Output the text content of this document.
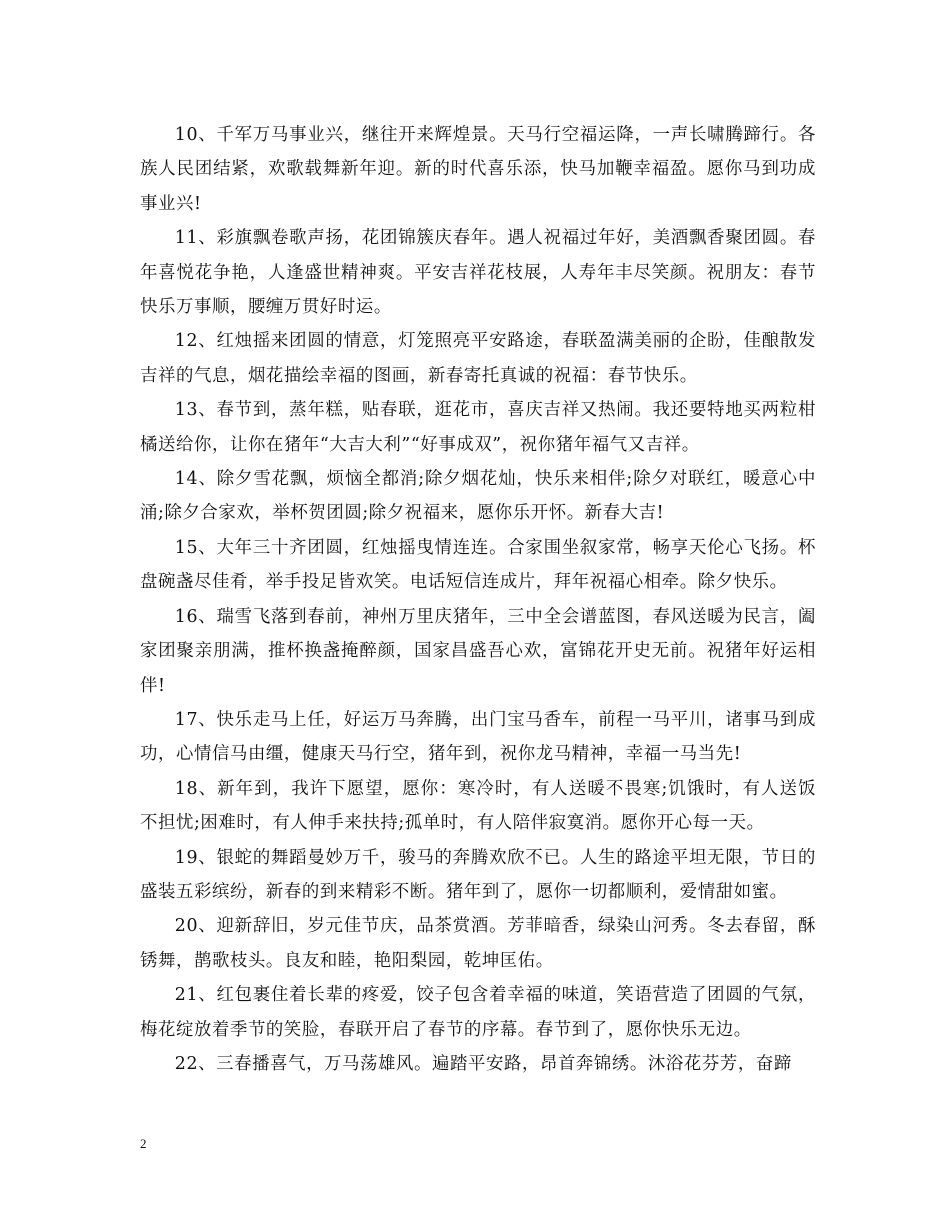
10、千军万马事业兴，继往开来辉煌景。天马行空福运降，一声长啸腾蹄行。各族人民团结紧，欢歌载舞新年迎。新的时代喜乐添，快马加鞭幸福盈。愿你马到功成事业兴!

11、彩旗飘卷歌声扬，花团锦簇庆春年。遇人祝福过年好，美酒飘香聚团圆。春年喜悦花争艳，人逢盛世精神爽。平安吉祥花枝展，人寿年丰尽笑颜。祝朋友：春节快乐万事顺，腰缠万贯好时运。

12、红烛摇来团圆的情意，灯笼照亮平安路途，春联盈满美丽的企盼，佳酿散发吉祥的气息，烟花描绘幸福的图画，新春寄托真诚的祝福：春节快乐。

13、春节到，蒸年糕，贴春联，逛花市，喜庆吉祥又热闹。我还要特地买两粒柑橘送给你，让你在猪年“大吉大利”“好事成双”，祝你猪年福气又吉祥。

14、除夕雪花飘，烦恼全都消;除夕烟花灿，快乐来相伴;除夕对联红，暖意心中涌;除夕合家欢，举杯贺团圆;除夕祝福来，愿你乐开怀。新春大吉!

15、大年三十齐团圆，红烛摇曳情连连。合家围坐叙家常，畅享天伦心飞扬。杯盘碗盏尽佳肴，举手投足皆欢笑。电话短信连成片，拜年祝福心相牵。除夕快乐。

16、瑞雪飞落到春前，神州万里庆猪年，三中全会谱蓝图，春风送暖为民言，阖家团聚亲朋满，推杯换盏掩醉颜，国家昌盛吾心欢，富锦花开史无前。祝猪年好运相伴!

17、快乐走马上任，好运万马奔腾，出门宝马香车，前程一马平川，诸事马到成功，心情信马由缰，健康天马行空，猪年到，祝你龙马精神，幸福一马当先!

18、新年到，我许下愿望，愿你：寒冷时，有人送暖不畏寒;饥饿时，有人送饭不担忧;困难时，有人伸手来扶持;孤单时，有人陪伴寂寞消。愿你开心每一天。

19、银蛇的舞蹈曼妙万千，骏马的奔腾欢欣不已。人生的路途平坦无限，节日的盛装五彩缤纷，新春的到来精彩不断。猪年到了，愿你一切都顺利，爱情甜如蜜。

20、迎新辞旧，岁元佳节庆，品茶赏酒。芳菲暗香，绿染山河秀。冬去春留，酥锈舞，鹊歌枝头。良友和睦，艳阳梨园，乾坤匡佑。

21、红包裹住着长辈的疼爱，饺子包含着幸福的味道，笑语营造了团圆的气氛，梅花绽放着季节的笑脸，春联开启了春节的序幕。春节到了，愿你快乐无边。

22、三春播喜气，万马荡雄风。遍踏平安路，昂首奔锦绣。沐浴花芬芳，奋蹄

2
